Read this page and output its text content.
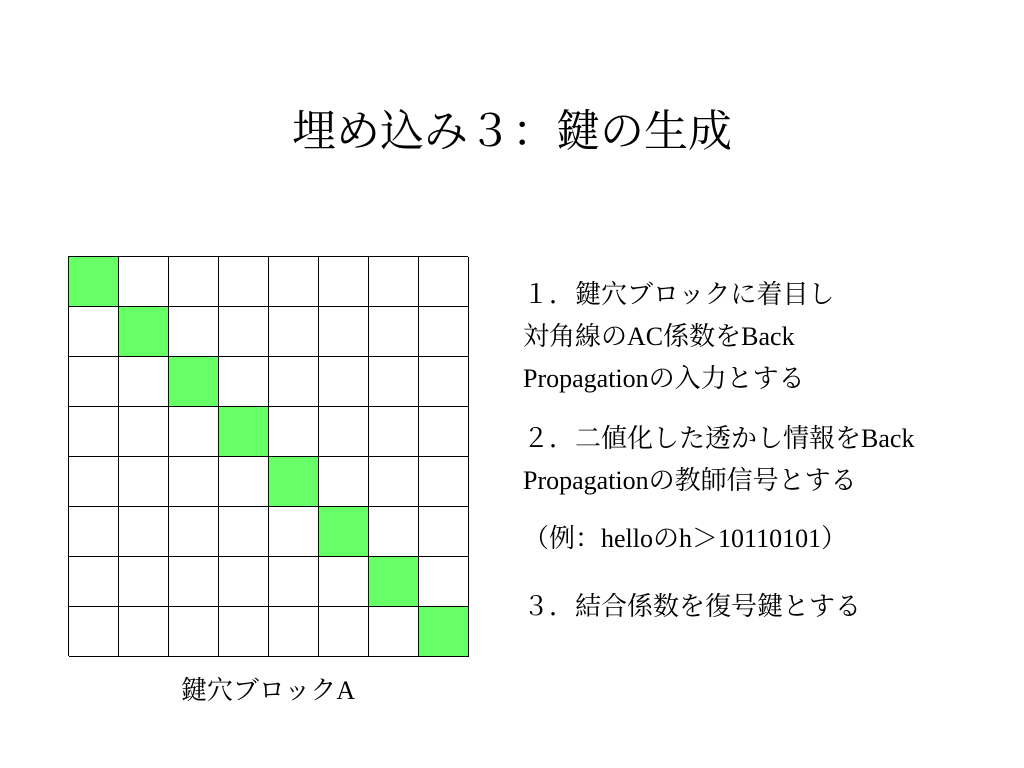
埋め込み３：鍵の生成
鍵穴ブロックA
１．鍵穴ブロックに着目し
対角線のAC係数をBack
Propagationの入力とする
２．二値化した透かし情報をBack
Propagationの教師信号とする
（例：helloのh＞10110101）
３．結合係数を復号鍵とする
